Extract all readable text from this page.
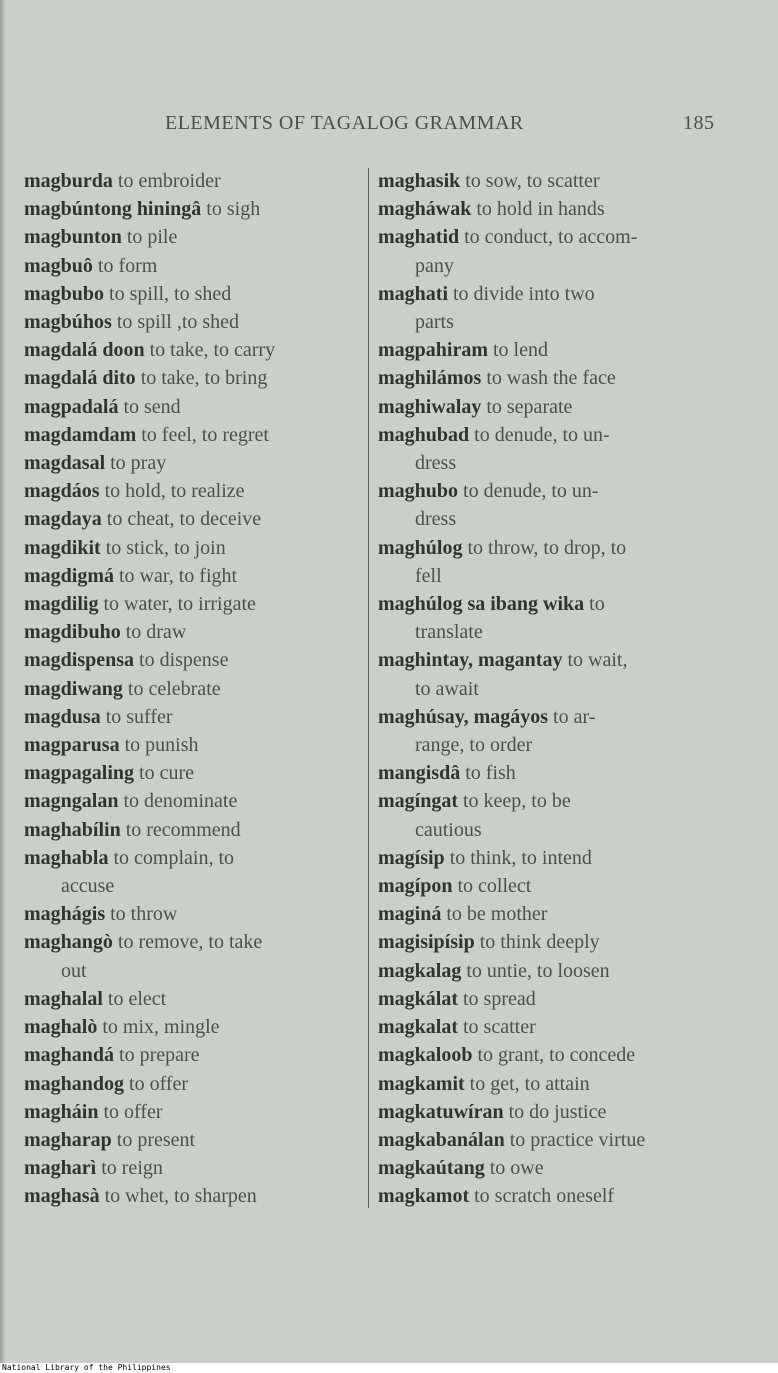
ELEMENTS OF TAGALOG GRAMMAR	185
magburda to embroider
magbúntong hiningâ to sigh
magbunton to pile
magbuô to form
magbubo to spill, to shed
magbúhos to spill ,to shed
magdalá doon to take, to carry
magdalá dito to take, to bring
magpadalá to send
magdamdam to feel, to regret
magdasal to pray
magdáos to hold, to realize
magdaya to cheat, to deceive
magdikit to stick, to join
magdigmá to war, to fight
magdilig to water, to irrigate
magdibuho to draw
magdispensa to dispense
magdiwang to celebrate
magdusa to suffer
magparusa to punish
magpagaling to cure
magngalan to denominate
maghabílin to recommend
maghabla to complain, to
accuse
maghágis to throw
maghangò to remove, to take
out
maghalal to elect
maghalò to mix, mingle
maghandá to prepare
maghandog to offer
magháin to offer
magharap to present
magharì to reign
maghasà to whet, to sharpen
maghasik to sow, to scatter
magháwak to hold in hands
maghatid to conduct, to accom-
pany
maghati to divide into two
parts
magpahiram to lend
maghilámos to wash the face
maghiwalay to separate
maghubad to denude, to un-
dress
maghubo to denude, to un-
dress
maghúlog to throw, to drop, to
fell
maghúlog sa ibang wika to
translate
maghintay, magantay to wait,
to await
maghúsay, magáyos to ar-
range, to order
mangisdâ to fish
magíngat to keep, to be
cautious
magísip to think, to intend
magípon to collect
maginá to be mother
magisipísip to think deeply
magkalag to untie, to loosen
magkálat to spread
magkalat to scatter
magkaloob to grant, to concede
magkamit to get, to attain
magkatuwíran to do justice
magkabanálan to practice virtue
magkaútang to owe
magkamot to scratch oneself
National Library of the Philippines
